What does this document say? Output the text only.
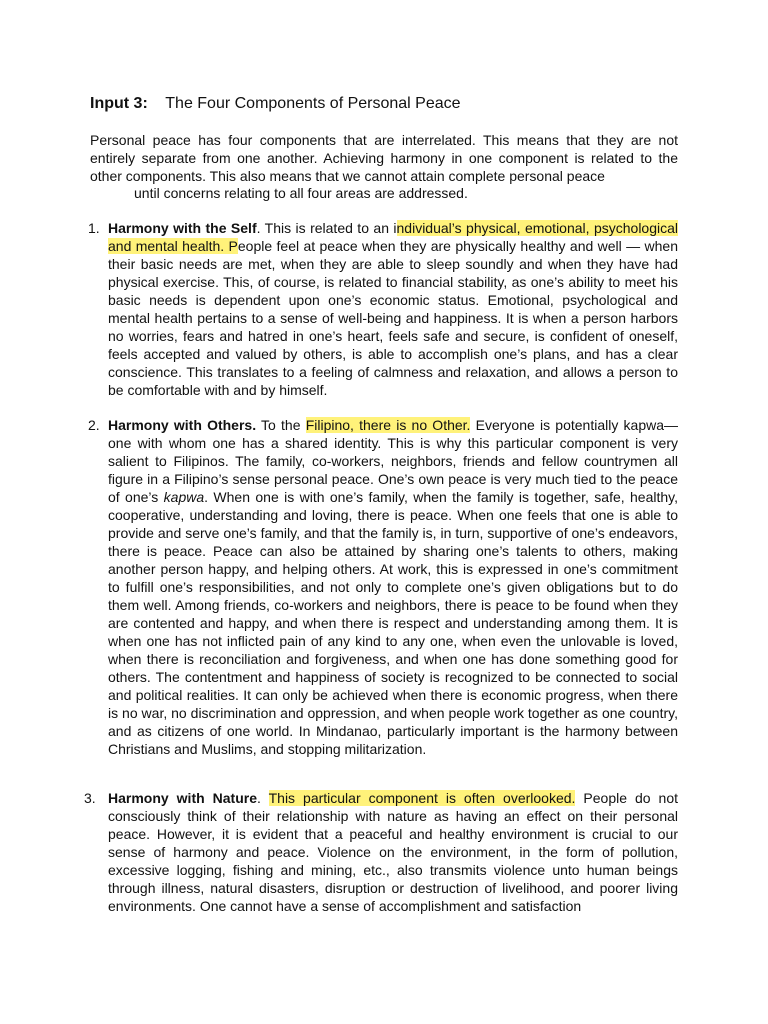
Input 3: The Four Components of Personal Peace

Personal peace has four components that are interrelated. This means that they are not entirely separate from one another. Achieving harmony in one component is related to the other components. This also means that we cannot attain complete personal peace
until concerns relating to all four areas are addressed.

1. Harmony with the Self. This is related to an individual’s physical, emotional, psychological and mental health. People feel at peace when they are physically healthy and well — when their basic needs are met, when they are able to sleep soundly and when they have had physical exercise. This, of course, is related to financial stability, as one’s ability to meet his basic needs is dependent upon one’s economic status. Emotional, psychological and mental health pertains to a sense of well-being and happiness. It is when a person harbors no worries, fears and hatred in one’s heart, feels safe and secure, is confident of oneself, feels accepted and valued by others, is able to accomplish one’s plans, and has a clear conscience. This translates to a feeling of calmness and relaxation, and allows a person to be comfortable with and by himself.
2. Harmony with Others. To the Filipino, there is no Other. Everyone is potentially kapwa— one with whom one has a shared identity. This is why this particular component is very salient to Filipinos. The family, co-workers, neighbors, friends and fellow countrymen all figure in a Filipino’s sense personal peace. One’s own peace is very much tied to the peace of one’s kapwa. When one is with one’s family, when the family is together, safe, healthy, cooperative, understanding and loving, there is peace. When one feels that one is able to provide and serve one’s family, and that the family is, in turn, supportive of one’s endeavors, there is peace. Peace can also be attained by sharing one’s talents to others, making another person happy, and helping others. At work, this is expressed in one’s commitment to fulfill one’s responsibilities, and not only to complete one’s given obligations but to do them well. Among friends, co-workers and neighbors, there is peace to be found when they are contented and happy, and when there is respect and understanding among them. It is when one has not inflicted pain of any kind to any one, when even the unlovable is loved, when there is reconciliation and forgiveness, and when one has done something good for others. The contentment and happiness of society is recognized to be connected to social and political realities. It can only be achieved when there is economic progress, when there is no war, no discrimination and oppression, and when people work together as one country, and as citizens of one world. In Mindanao, particularly important is the harmony between Christians and Muslims, and stopping militarization.
3. Harmony with Nature. This particular component is often overlooked. People do not consciously think of their relationship with nature as having an effect on their personal peace. However, it is evident that a peaceful and healthy environment is crucial to our sense of harmony and peace. Violence on the environment, in the form of pollution, excessive logging, fishing and mining, etc., also transmits violence unto human beings through illness, natural disasters, disruption or destruction of livelihood, and poorer living environments. One cannot have a sense of accomplishment and satisfaction
